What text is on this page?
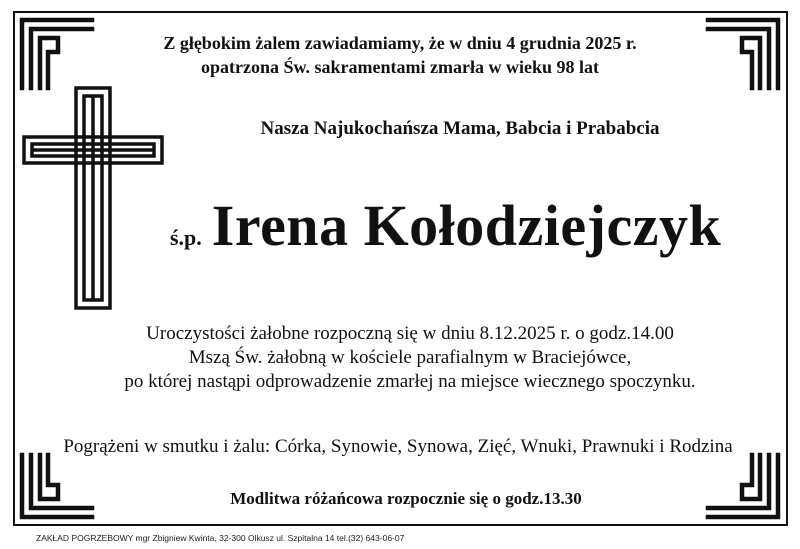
Z głębokim żalem zawiadamiamy, że w dniu 4 grudnia 2025 r.
opatrzona Św. sakramentami zmarła w wieku 98 lat
Nasza Najukochańsza Mama, Babcia i Prababcia
ś.p. Irena Kołodziejczyk
Uroczystości żałobne rozpoczną się w dniu 8.12.2025 r. o godz.14.00
Mszą Św. żałobną w kościele parafialnym w Braciejówce,
po której nastąpi odprowadzenie zmarłej na miejsce wiecznego spoczynku.
Pogrążeni w smutku i żalu: Córka, Synowie, Synowa, Zięć, Wnuki, Prawnuki i Rodzina
Modlitwa różańcowa rozpocznie się o godz.13.30
ZAKŁAD POGRZEBOWY mgr Zbigniew Kwinta, 32-300 Olkusz ul. Szpitalna 14 tel.(32) 643-06-07
